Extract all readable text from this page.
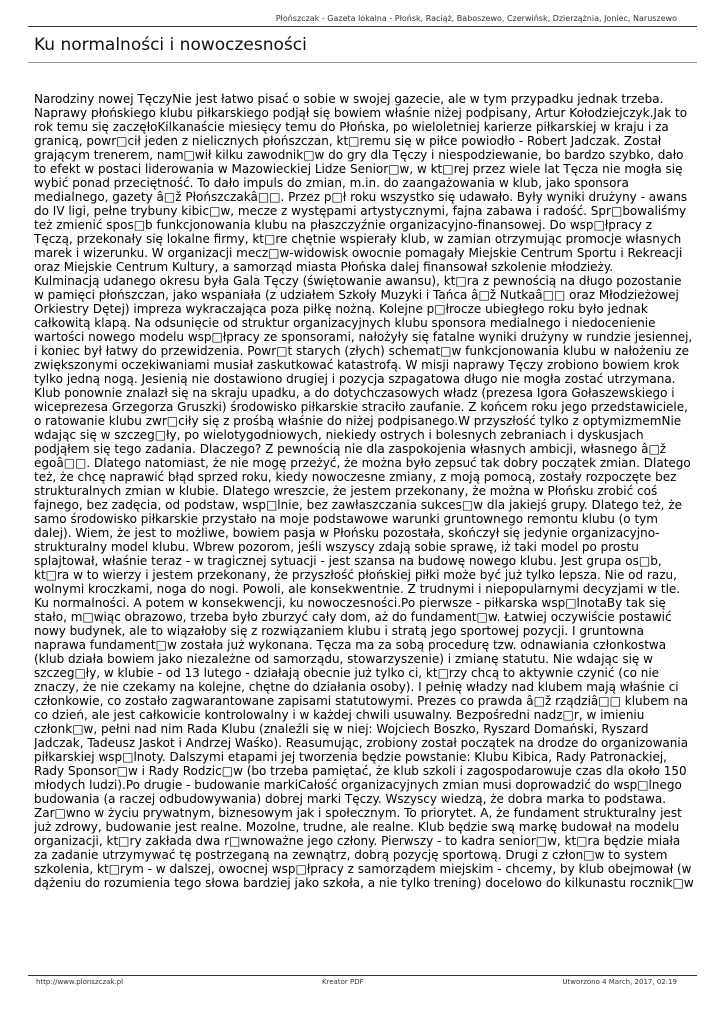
Płońszczak - Gazeta lokalna - Płońsk, Raciąż, Baboszewo, Czerwińsk, Dzierzążnia, Joniec, Naruszewo
Ku normalności i nowoczesności

Narodziny nowej TęczyNie jest łatwo pisać o sobie w swojej gazecie, ale w tym przypadku jednak trzeba. Naprawy płońskiego klubu piłkarskiego podjął się bowiem właśnie niżej podpisany, Artur Kołodziejczyk.Jak to rok temu się zaczęłoKilkanaście miesięcy temu do Płońska, po wieloletniej karierze piłkarskiej w kraju i za granicą, powr□cił jeden z nielicznych płońszczan, kt□remu się w piłce powiodło - Robert Jadczak. Został grającym trenerem, nam□wił kilku zawodnik□w do gry dla Tęczy i niespodziewanie, bo bardzo szybko, dało to efekt w postaci liderowania w Mazowieckiej Lidze Senior□w, w kt□rej przez wiele lat Tęcza nie mogła się wybić ponad przeciętność. To dało impuls do zmian, m.in. do zaangażowania w klub, jako sponsora medialnego, gazety â□ž Płońszczakâ□□. Przez p□ł roku wszystko się udawało. Były wyniki drużyny - awans do IV ligi, pełne trybuny kibic□w, mecze z występami artystycznymi, fajna zabawa i radość. Spr□bowaliśmy też zmienić spos□b funkcjonowania klubu na płaszczyźnie organizacyjno-finansowej. Do wsp□łpracy z Tęczą, przekonały się lokalne firmy, kt□re chętnie wspierały klub, w zamian otrzymując promocje własnych marek i wizerunku. W organizacji mecz□w-widowisk owocnie pomagały Miejskie Centrum Sportu i Rekreacji oraz Miejskie Centrum Kultury, a samorząd miasta Płońska dalej finansował szkolenie młodzieży.

Kulminacją udanego okresu była Gala Tęczy (świętowanie awansu), kt□ra z pewnością na długo pozostanie w pamięci płońszczan, jako wspaniała (z udziałem Szkoły Muzyki i Tańca â□ž Nutkaâ□□ oraz Młodzieżowej Orkiestry Dętej) impreza wykraczająca poza piłkę nożną. Kolejne p□łrocze ubiegłego roku było jednak całkowitą klapą. Na odsunięcie od struktur organizacyjnych klubu sponsora medialnego i niedocenienie wartości nowego modelu wsp□łpracy ze sponsorami, nałożyły się fatalne wyniki drużyny w rundzie jesiennej, i koniec był łatwy do przewidzenia. Powr□t starych (złych) schemat□w funkcjonowania klubu w nałożeniu ze zwiększonymi oczekiwaniami musiał zaskutkować katastrofą. W misji naprawy Tęczy zrobiono bowiem krok tylko jedną nogą. Jesienią nie dostawiono drugiej i pozycja szpagatowa długo nie mogła zostać utrzymana. Klub ponownie znalazł się na skraju upadku, a do dotychczasowych władz (prezesa Igora Gołaszewskiego i wiceprezesa Grzegorza Gruszki) środowisko piłkarskie straciło zaufanie. Z końcem roku jego przedstawiciele, o ratowanie klubu zwr□ciły się z prośbą właśnie do niżej podpisanego.W przyszłość tylko z optymizmemNie wdając się w szczeg□ły, po wielotygodniowych, niekiedy ostrych i bolesnych zebraniach i dyskusjach podjąłem się tego zadania. Dlaczego? Z pewnością nie dla zaspokojenia własnych ambicji, własnego â□ž egoâ□□. Dlatego natomiast, że nie mogę przeżyć, że można było zepsuć tak dobry początek zmian. Dlatego też, że chcę naprawić błąd sprzed roku, kiedy nowoczesne zmiany, z moją pomocą, zostały rozpoczęte bez strukturalnych zmian w klubie. Dlatego wreszcie, że jestem przekonany, że można w Płońsku zrobić coś fajnego, bez zadęcia, od podstaw, wsp□lnie, bez zawłaszczania sukces□w dla jakiejś grupy. Dlatego też, że samo środowisko piłkarskie przystało na moje podstawowe warunki gruntownego remontu klubu (o tym dalej). Wiem, że jest to możliwe, bowiem pasja w Płońsku pozostała, skończył się jedynie organizacyjno-strukturalny model klubu. Wbrew pozorom, jeśli wszyscy zdają sobie sprawę, iż taki model po prostu splajtował, właśnie teraz - w tragicznej sytuacji - jest szansa na budowę nowego klubu. Jest grupa os□b, kt□ra w to wierzy i jestem przekonany, że przyszłość płońskiej piłki może być już tylko lepsza. Nie od razu, wolnymi kroczkami, noga do nogi. Powoli, ale konsekwentnie. Z trudnymi i niepopularnymi decyzjami w tle. Ku normalności. A potem w konsekwencji, ku nowoczesności.Po pierwsze - piłkarska wsp□lnotaBy tak się stało, m□wiąc obrazowo, trzeba było zburzyć cały dom, aż do fundament□w. Łatwiej oczywiście postawić nowy budynek, ale to wiązałoby się z rozwiązaniem klubu i stratą jego sportowej pozycji. I gruntowna naprawa fundament□w została już wykonana. Tęcza ma za sobą procedurę tzw. odnawiania członkostwa (klub działa bowiem jako niezależne od samorządu, stowarzyszenie) i zmianę statutu. Nie wdając się w szczeg□ły, w klubie - od 13 lutego - działają obecnie już tylko ci, kt□rzy chcą to aktywnie czynić (co nie znaczy, że nie czekamy na kolejne, chętne do działania osoby). I pełnię władzy nad klubem mają właśnie ci członkowie, co zostało zagwarantowane zapisami statutowymi. Prezes co prawda â□ž rządziâ□□ klubem na co dzień, ale jest całkowicie kontrolowalny i w każdej chwili usuwalny. Bezpośredni nadz□r, w imieniu członk□w, pełni nad nim Rada Klubu (znaleźli się w niej: Wojciech Boszko, Ryszard Domański, Ryszard Jadczak, Tadeusz Jaskot i Andrzej Waśko). Reasumując, zrobiony został początek na drodze do organizowania piłkarskiej wsp□lnoty. Dalszymi etapami jej tworzenia będzie powstanie: Klubu Kibica, Rady Patronackiej, Rady Sponsor□w i Rady Rodzic□w (bo trzeba pamiętać, że klub szkoli i zagospodarowuje czas dla około 150 młodych ludzi).Po drugie - budowanie markiCałość organizacyjnych zmian musi doprowadzić do wsp□lnego budowania (a raczej odbudowywania) dobrej marki Tęczy. Wszyscy wiedzą, że dobra marka to podstawa. Zar□wno w życiu prywatnym, biznesowym jak i społecznym. To priorytet. A, że fundament strukturalny jest już zdrowy, budowanie jest realne. Mozolne, trudne, ale realne. Klub będzie swą markę budował na modelu organizacji, kt□ry zakłada dwa r□wnoważne jego człony. Pierwszy - to kadra senior□w, kt□ra będzie miała za zadanie utrzymywać tę postrzeganą na zewnątrz, dobrą pozycję sportową. Drugi z człon□w to system szkolenia, kt□rym - w dalszej, owocnej wsp□łpracy z samorządem miejskim - chcemy, by klub obejmował (w dążeniu do rozumienia tego słowa bardziej jako szkoła, a nie tylko trening) docelowo do kilkunastu rocznik□w

http://www.plonszczak.pl	Kreator PDF	Utworzono 4 March, 2017, 02:19
